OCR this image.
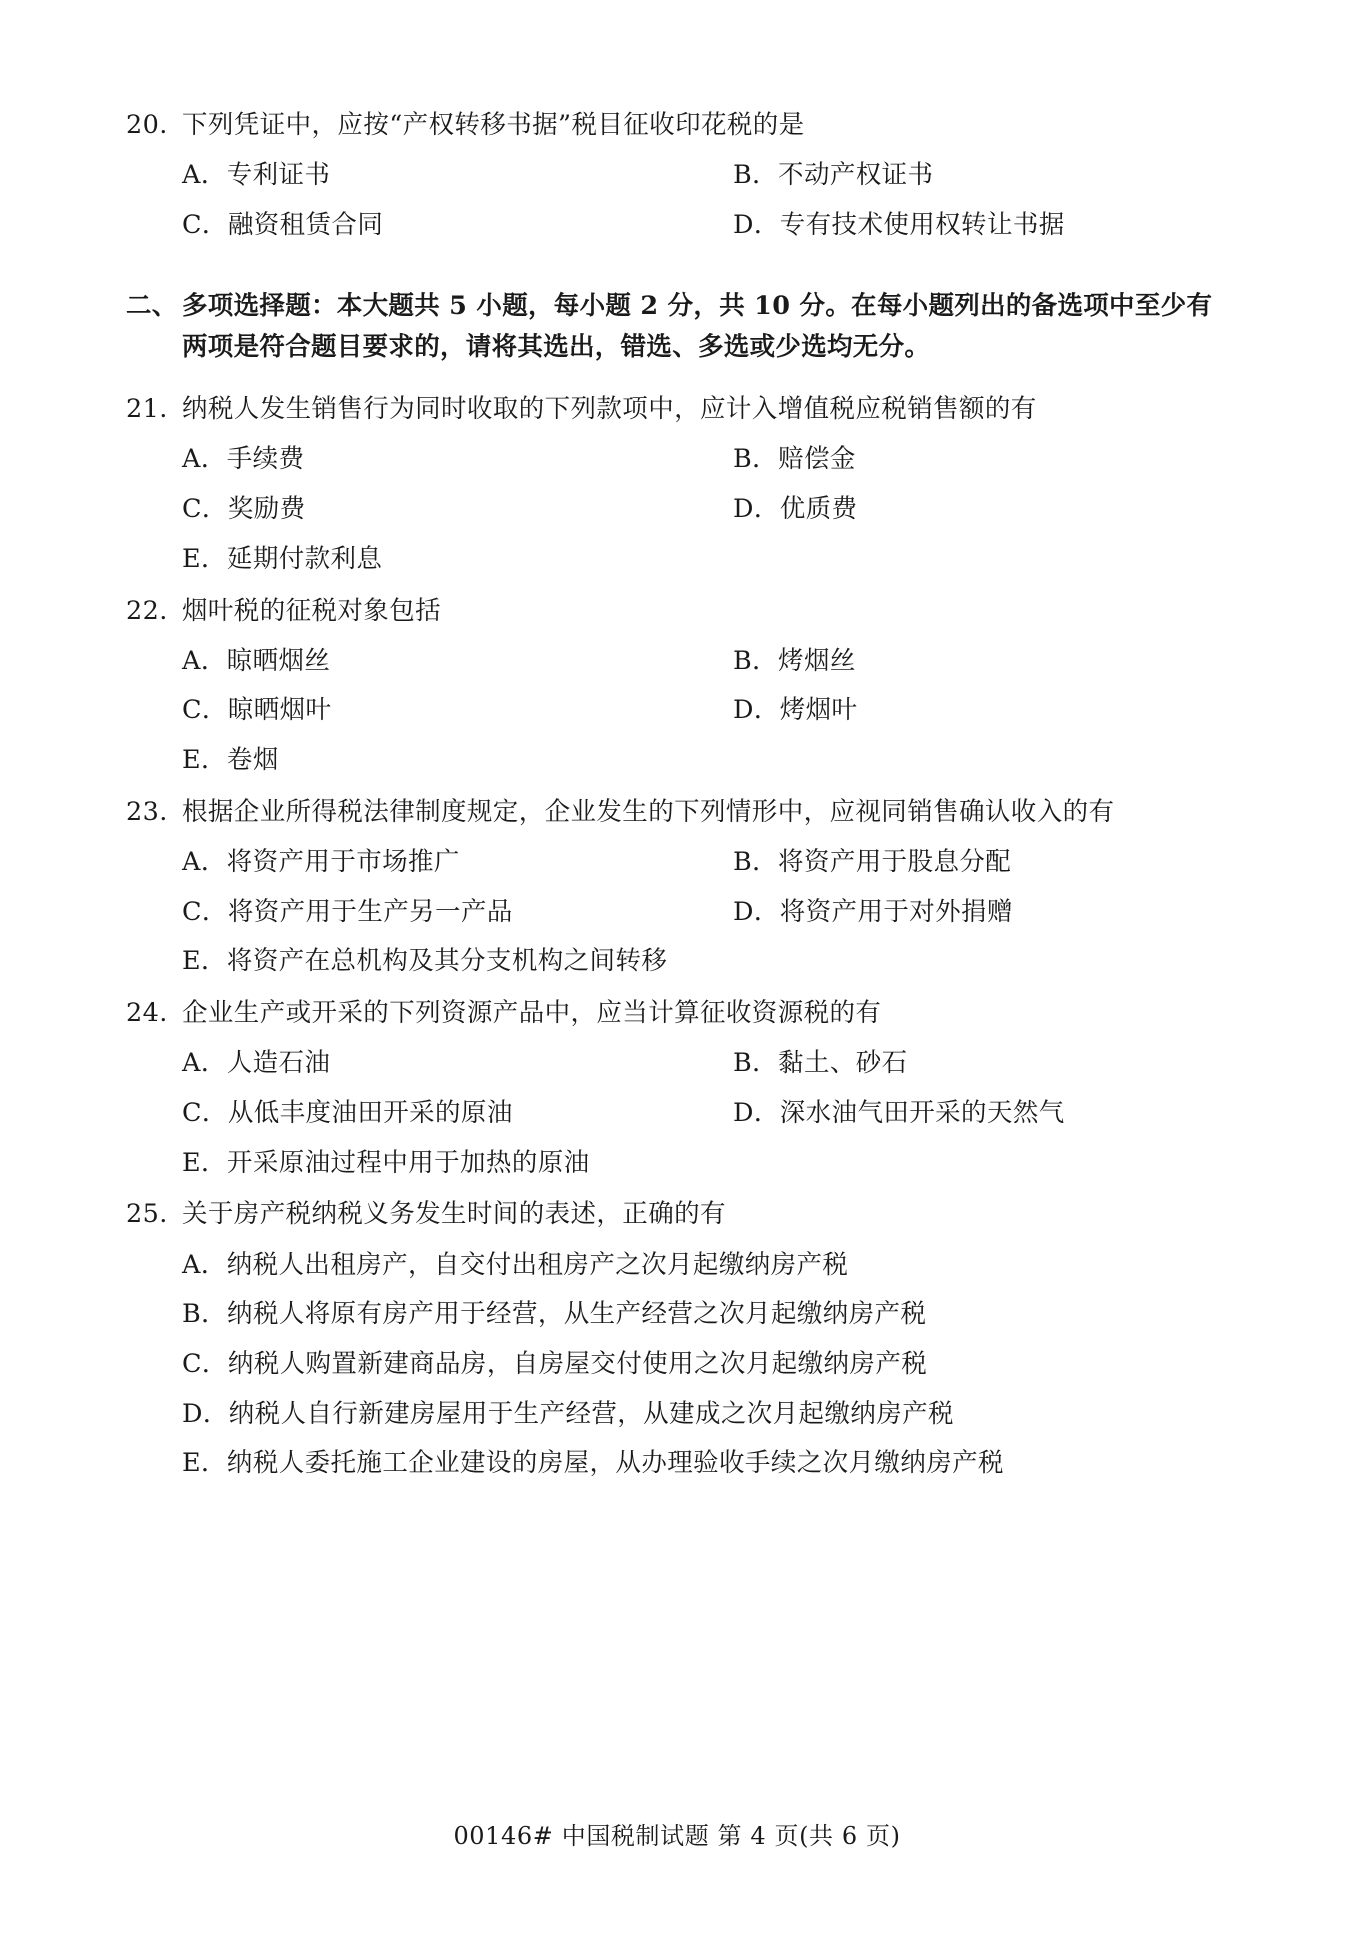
20. 下列凭证中，应按“产权转移书据”税目征收印花税的是
A．专利证书	B．不动产权证书
C．融资租赁合同	D．专有技术使用权转让书据
二、 多项选择题：本大题共 5 小题，每小题 2 分，共 10 分。在每小题列出的备选项中至少有两项是符合题目要求的，请将其选出，错选、多选或少选均无分。
21. 纳税人发生销售行为同时收取的下列款项中，应计入增值税应税销售额的有
A．手续费	B．赔偿金
C．奖励费	D．优质费
E．延期付款利息
22. 烟叶税的征税对象包括
A．晾晒烟丝	B．烤烟丝
C．晾晒烟叶	D．烤烟叶
E．卷烟
23. 根据企业所得税法律制度规定，企业发生的下列情形中，应视同销售确认收入的有
A．将资产用于市场推广	B．将资产用于股息分配
C．将资产用于生产另一产品	D．将资产用于对外捐赠
E．将资产在总机构及其分支机构之间转移
24. 企业生产或开采的下列资源产品中，应当计算征收资源税的有
A．人造石油	B．黏土、砂石
C．从低丰度油田开采的原油	D．深水油气田开采的天然气
E．开采原油过程中用于加热的原油
25. 关于房产税纳税义务发生时间的表述，正确的有
A．纳税人出租房产，自交付出租房产之次月起缴纳房产税
B．纳税人将原有房产用于经营，从生产经营之次月起缴纳房产税
C．纳税人购置新建商品房，自房屋交付使用之次月起缴纳房产税
D．纳税人自行新建房屋用于生产经营，从建成之次月起缴纳房产税
E．纳税人委托施工企业建设的房屋，从办理验收手续之次月缴纳房产税
00146# 中国税制试题 第 4 页(共 6 页)
